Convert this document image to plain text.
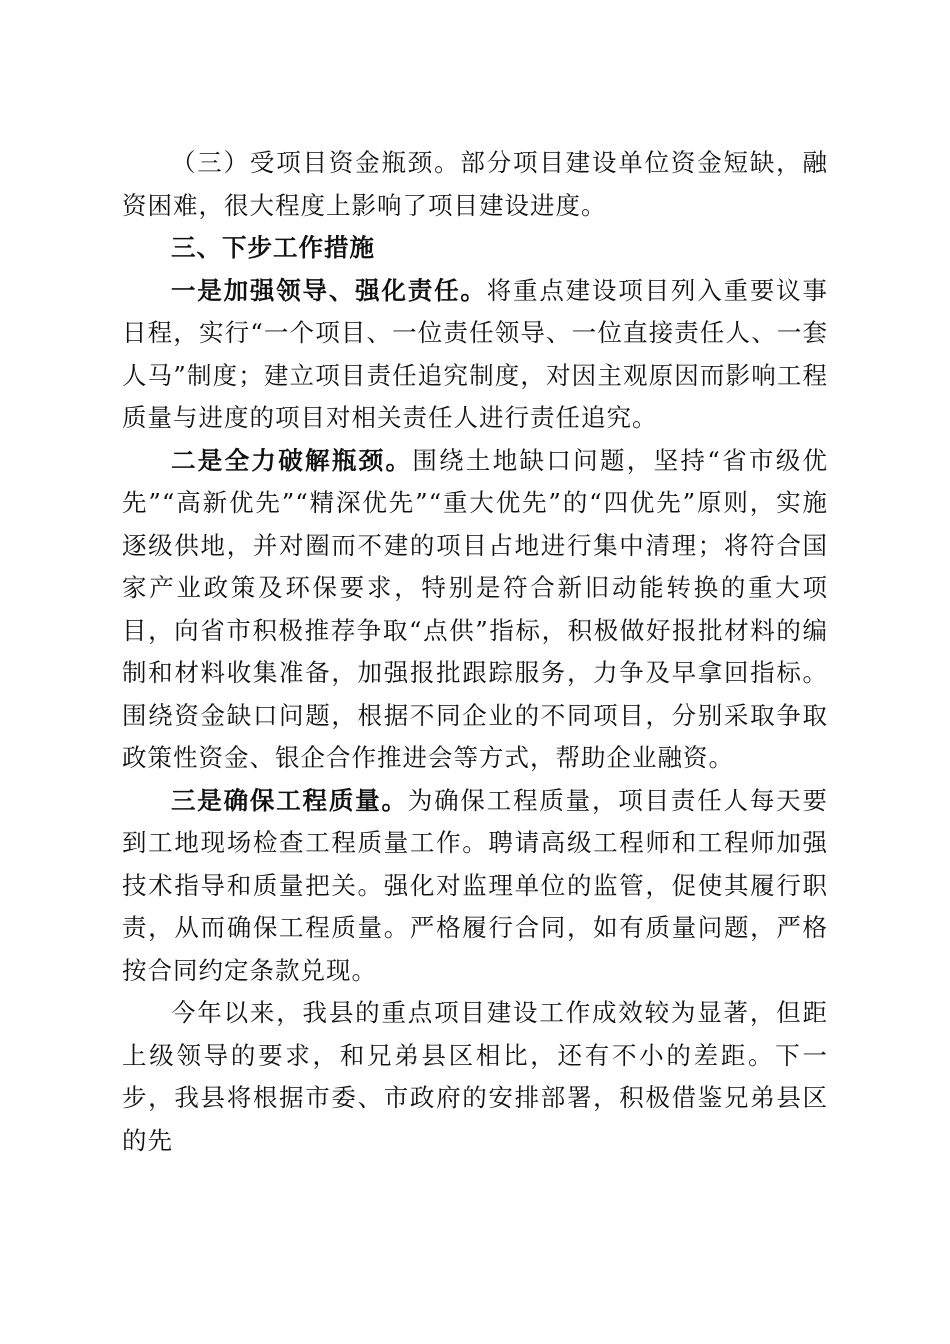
（三）受项目资金瓶颈。部分项目建设单位资金短缺，融资困难，很大程度上影响了项目建设进度。

三、下步工作措施

一是加强领导、强化责任。将重点建设项目列入重要议事日程，实行“一个项目、一位责任领导、一位直接责任人、一套人马”制度；建立项目责任追究制度，对因主观原因而影响工程质量与进度的项目对相关责任人进行责任追究。

二是全力破解瓶颈。围绕土地缺口问题，坚持“省市级优先”“高新优先”“精深优先”“重大优先”的“四优先”原则，实施逐级供地，并对圈而不建的项目占地进行集中清理；将符合国家产业政策及环保要求，特别是符合新旧动能转换的重大项目，向省市积极推荐争取“点供”指标，积极做好报批材料的编制和材料收集准备，加强报批跟踪服务，力争及早拿回指标。围绕资金缺口问题，根据不同企业的不同项目，分别采取争取政策性资金、银企合作推进会等方式，帮助企业融资。

三是确保工程质量。为确保工程质量，项目责任人每天要到工地现场检查工程质量工作。聘请高级工程师和工程师加强技术指导和质量把关。强化对监理单位的监管，促使其履行职责，从而确保工程质量。严格履行合同，如有质量问题，严格按合同约定条款兑现。

今年以来，我县的重点项目建设工作成效较为显著，但距上级领导的要求，和兄弟县区相比，还有不小的差距。下一步，我县将根据市委、市政府的安排部署，积极借鉴兄弟县区的先
